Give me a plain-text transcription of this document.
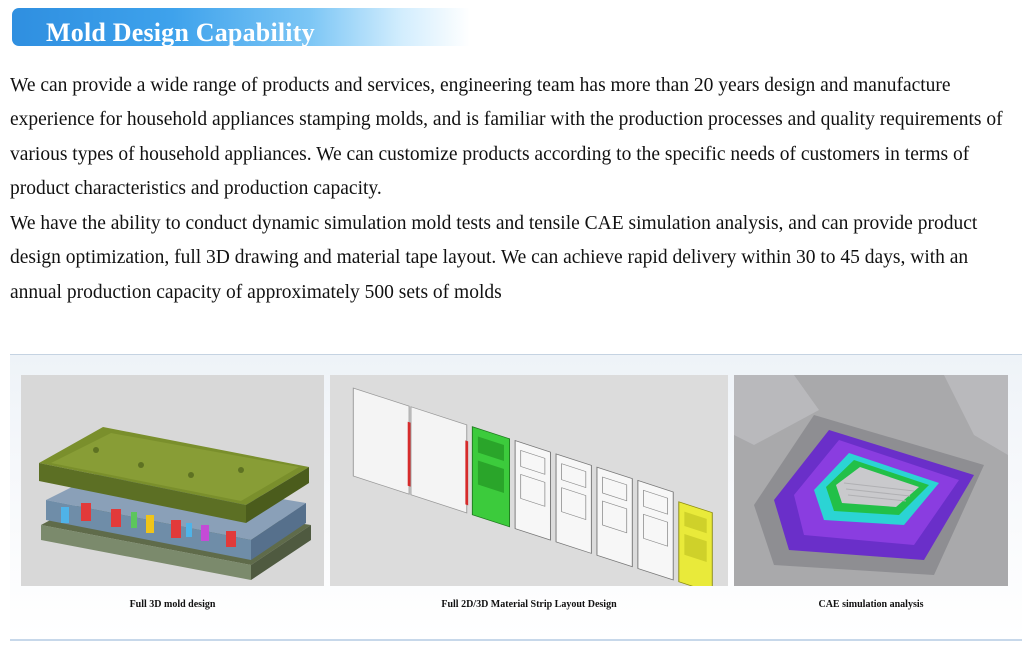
Mold Design Capability

We can provide a wide range of products and services, engineering team has more than 20 years design and manufacture experience for household appliances stamping molds, and is familiar with the production processes and quality requirements of various types of household appliances. We can customize products according to the specific needs of customers in terms of product characteristics and production capacity.

We have the ability to conduct dynamic simulation mold tests and tensile CAE simulation analysis, and can provide product design optimization, full 3D drawing and material tape layout. We can achieve rapid delivery within 30 to 45 days, with an annual production capacity of approximately 500 sets of molds

Full 3D mold design	Full 2D/3D Material Strip Layout Design	CAE simulation analysis
